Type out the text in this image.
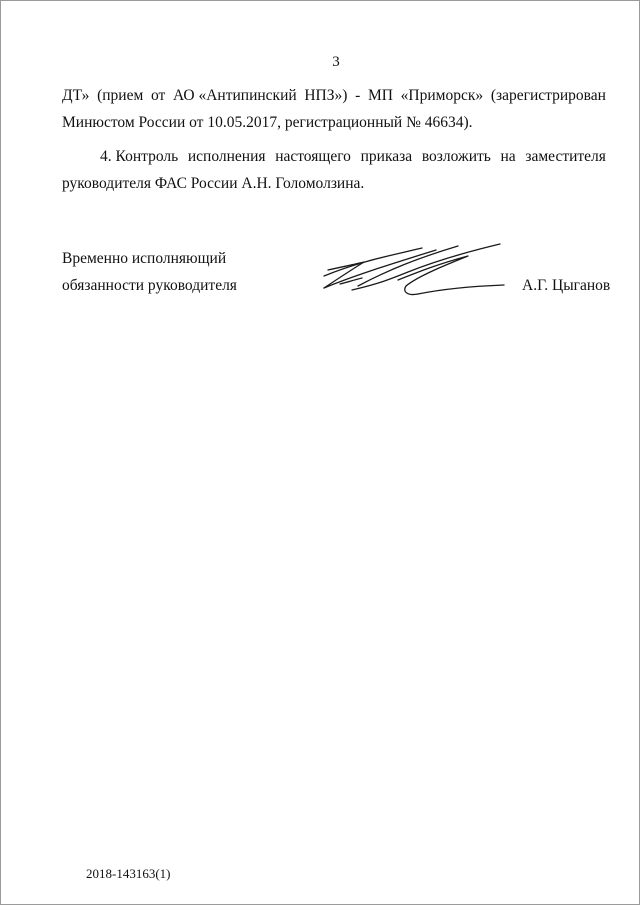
3
ДТ» (прием от АО «Антипинский НПЗ») - МП «Приморск» (зарегистрирован
Минюстом России от 10.05.2017, регистрационный № 46634).
4. Контроль исполнения настоящего приказа возложить на заместителя
руководителя ФАС России А.Н. Голомолзина.
Временно исполняющий
обязанности руководителя	А.Г. Цыганов
2018-143163(1)
